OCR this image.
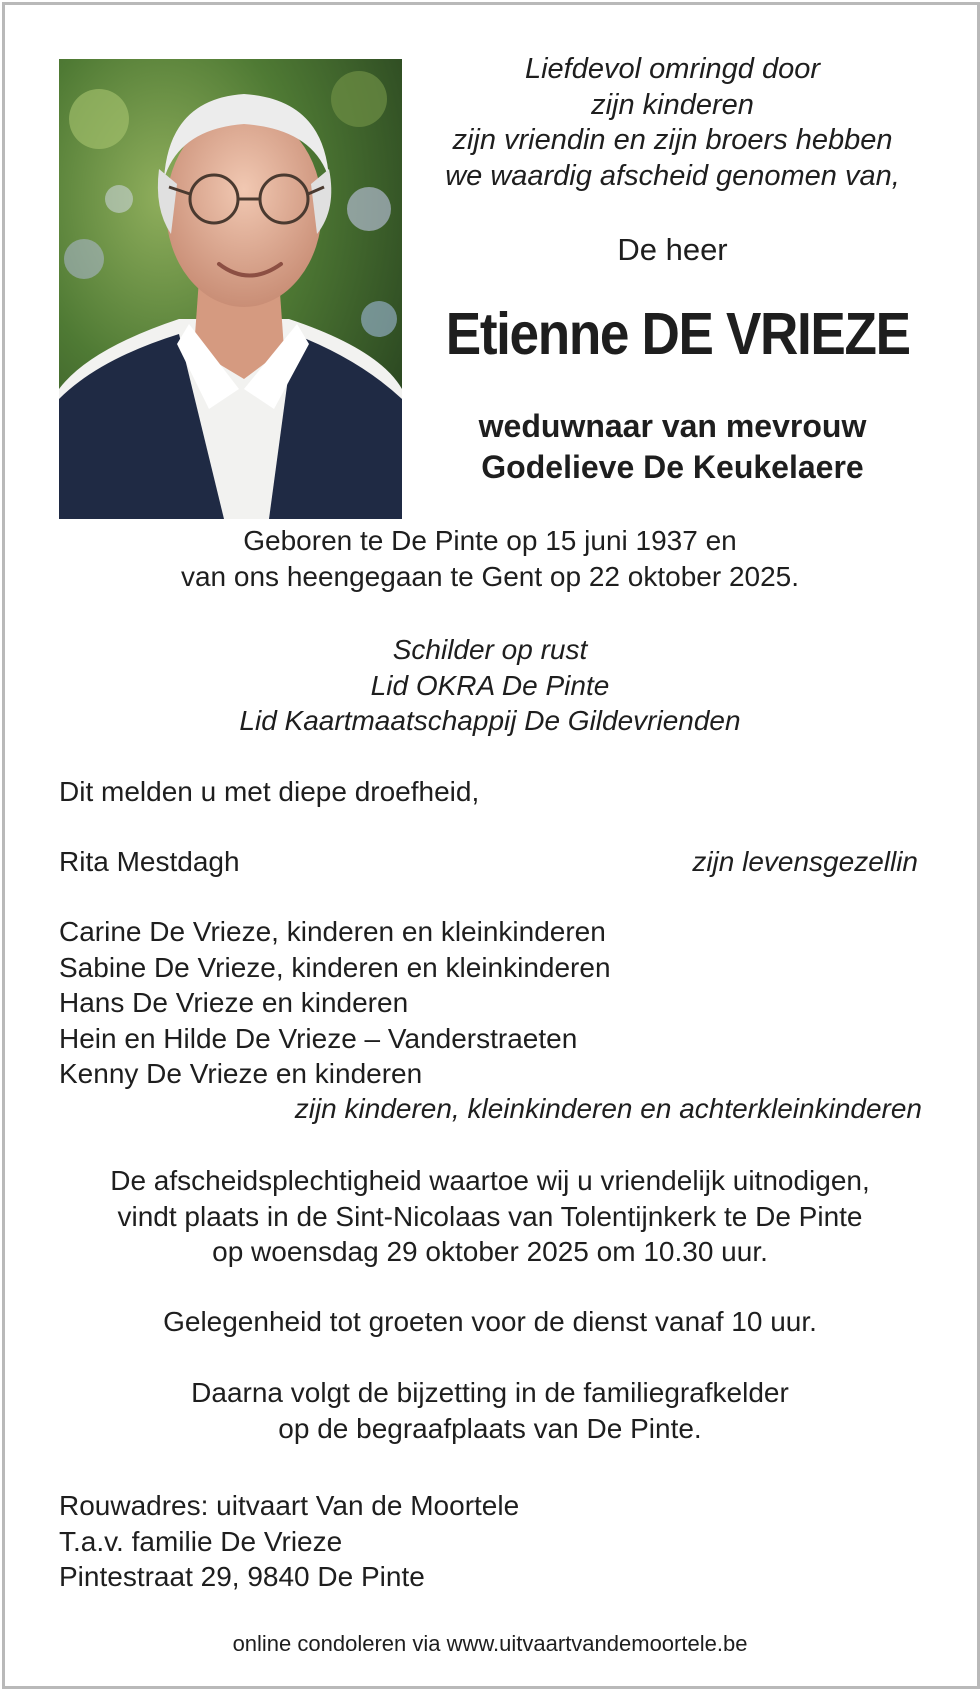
Liefdevol omringd door
zijn kinderen
zijn vriendin en zijn broers hebben
we waardig afscheid genomen van,
De heer
Etienne DE VRIEZE
weduwnaar van mevrouw
Godelieve De Keukelaere
Geboren te De Pinte op 15 juni 1937 en
van ons heengegaan te Gent op 22 oktober 2025.
Schilder op rust
Lid OKRA De Pinte
Lid Kaartmaatschappij De Gildevrienden
Dit melden u met diepe droefheid,
Rita Mestdagh	zijn levensgezellin
Carine De Vrieze, kinderen en kleinkinderen
Sabine De Vrieze, kinderen en kleinkinderen
Hans De Vrieze en kinderen
Hein en Hilde De Vrieze – Vanderstraeten
Kenny De Vrieze en kinderen
zijn kinderen, kleinkinderen en achterkleinkinderen
De afscheidsplechtigheid waartoe wij u vriendelijk uitnodigen,
vindt plaats in de Sint-Nicolaas van Tolentijnkerk te De Pinte
op woensdag 29 oktober 2025 om 10.30 uur.
Gelegenheid tot groeten voor de dienst vanaf 10 uur.
Daarna volgt de bijzetting in de familiegrafkelder
op de begraafplaats van De Pinte.
Rouwadres: uitvaart Van de Moortele
T.a.v. familie De Vrieze
Pintestraat 29, 9840 De Pinte
online condoleren via www.uitvaartvandemoortele.be
